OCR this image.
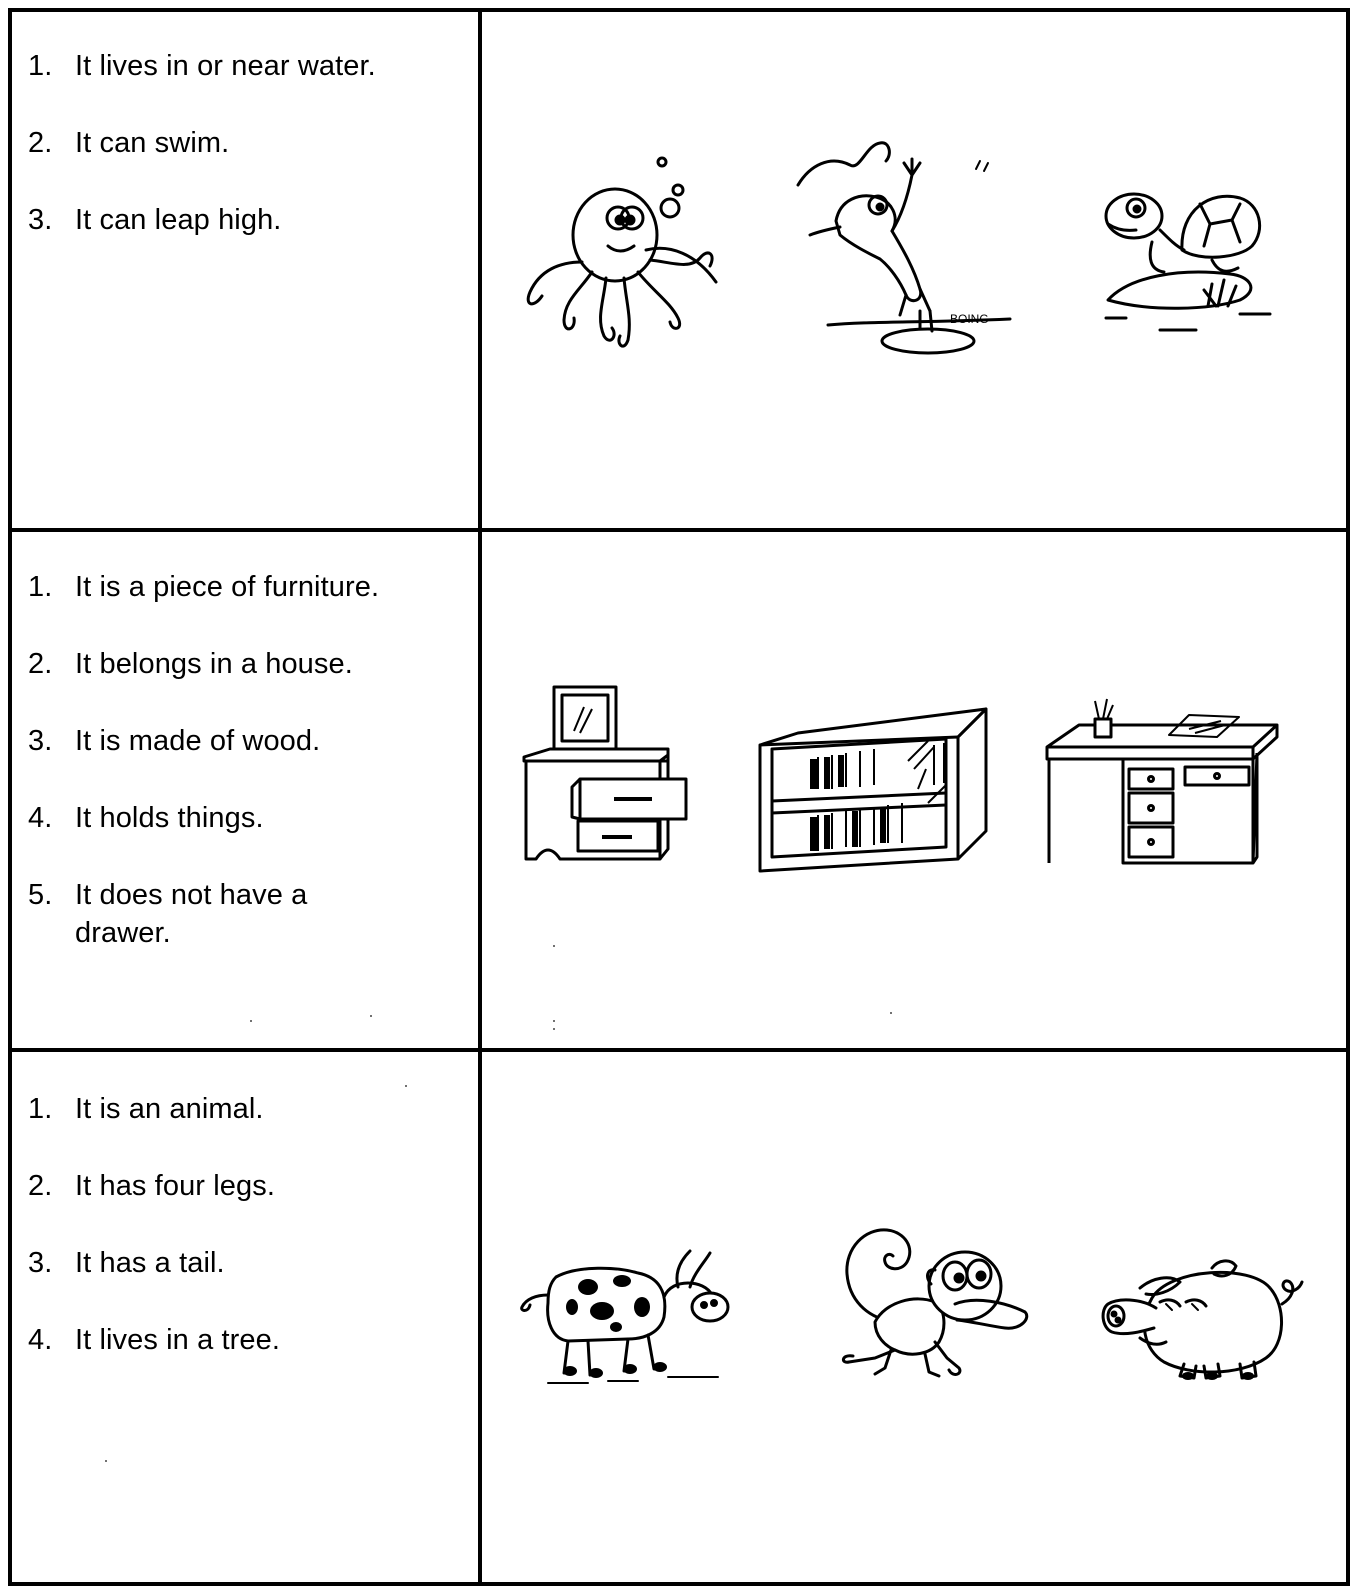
1. It lives in or near water.
2. It can swim.
3. It can leap high.
1. It is a piece of furniture.
2. It belongs in a house.
3. It is made of wood.
4. It holds things.
5. It does not have a drawer.
1. It is an animal.
2. It has four legs.
3. It has a tail.
4. It lives in a tree.
BOING
